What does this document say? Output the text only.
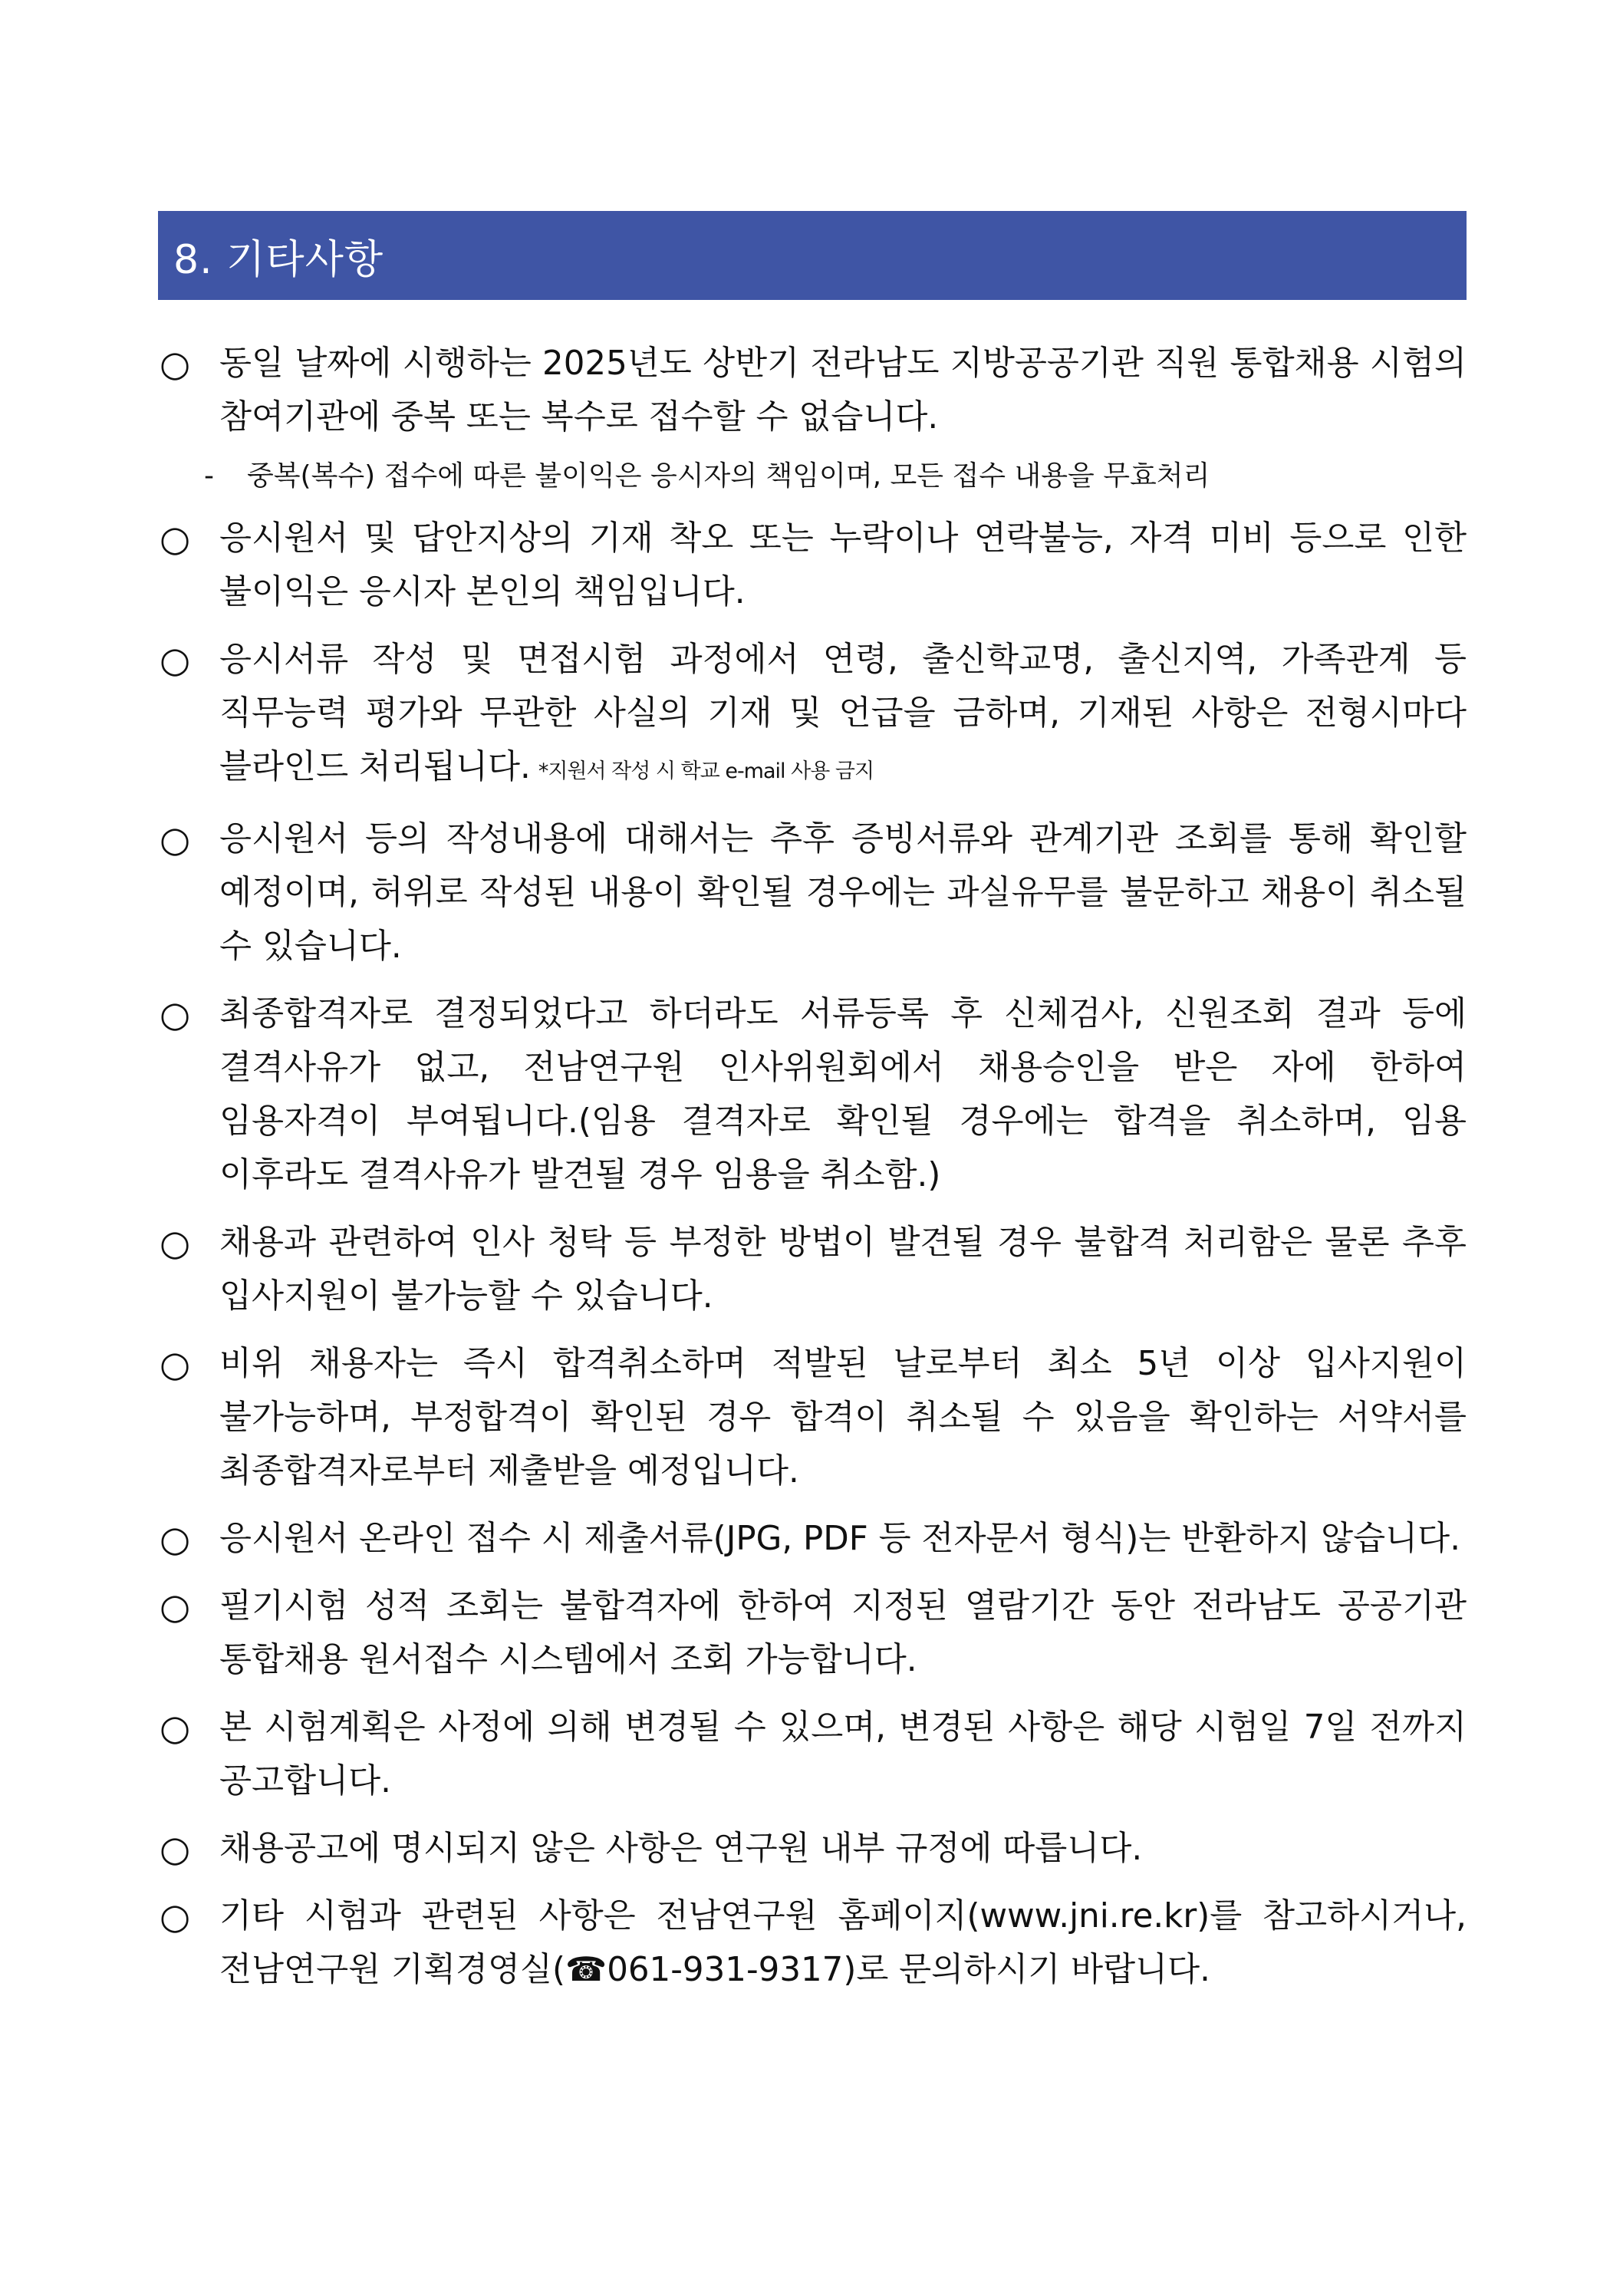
8. 기타사항
○ 동일 날짜에 시행하는 2025년도 상반기 전라남도 지방공공기관 직원 통합채용 시험의 참여기관에 중복 또는 복수로 접수할 수 없습니다.
-	중복(복수) 접수에 따른 불이익은 응시자의 책임이며, 모든 접수 내용을 무효처리
○ 응시원서 및 답안지상의 기재 착오 또는 누락이나 연락불능, 자격 미비 등으로 인한 불이익은 응시자 본인의 책임입니다.
○ 응시서류 작성 및 면접시험 과정에서 연령, 출신학교명, 출신지역, 가족관계 등 직무능력 평가와 무관한 사실의 기재 및 언급을 금하며, 기재된 사항은 전형시마다 블라인드 처리됩니다. *지원서 작성 시 학교 e-mail 사용 금지
○ 응시원서 등의 작성내용에 대해서는 추후 증빙서류와 관계기관 조회를 통해 확인할 예정이며, 허위로 작성된 내용이 확인될 경우에는 과실유무를 불문하고 채용이 취소될 수 있습니다.
○ 최종합격자로 결정되었다고 하더라도 서류등록 후 신체검사, 신원조회 결과 등에 결격사유가 없고, 전남연구원 인사위원회에서 채용승인을 받은 자에 한하여 임용자격이 부여됩니다.(임용 결격자로 확인될 경우에는 합격을 취소하며, 임용 이후라도 결격사유가 발견될 경우 임용을 취소함.)
○ 채용과 관련하여 인사 청탁 등 부정한 방법이 발견될 경우 불합격 처리함은 물론 추후 입사지원이 불가능할 수 있습니다.
○ 비위 채용자는 즉시 합격취소하며 적발된 날로부터 최소 5년 이상 입사지원이 불가능하며, 부정합격이 확인된 경우 합격이 취소될 수 있음을 확인하는 서약서를 최종합격자로부터 제출받을 예정입니다.
○ 응시원서 온라인 접수 시 제출서류(JPG, PDF 등 전자문서 형식)는 반환하지 않습니다.
○ 필기시험 성적 조회는 불합격자에 한하여 지정된 열람기간 동안 전라남도 공공기관 통합채용 원서접수 시스템에서 조회 가능합니다.
○ 본 시험계획은 사정에 의해 변경될 수 있으며, 변경된 사항은 해당 시험일 7일 전까지 공고합니다.
○ 채용공고에 명시되지 않은 사항은 연구원 내부 규정에 따릅니다.
○ 기타 시험과 관련된 사항은 전남연구원 홈페이지(www.jni.re.kr)를 참고하시거나, 전남연구원 기획경영실(☎061-931-9317)로 문의하시기 바랍니다.
